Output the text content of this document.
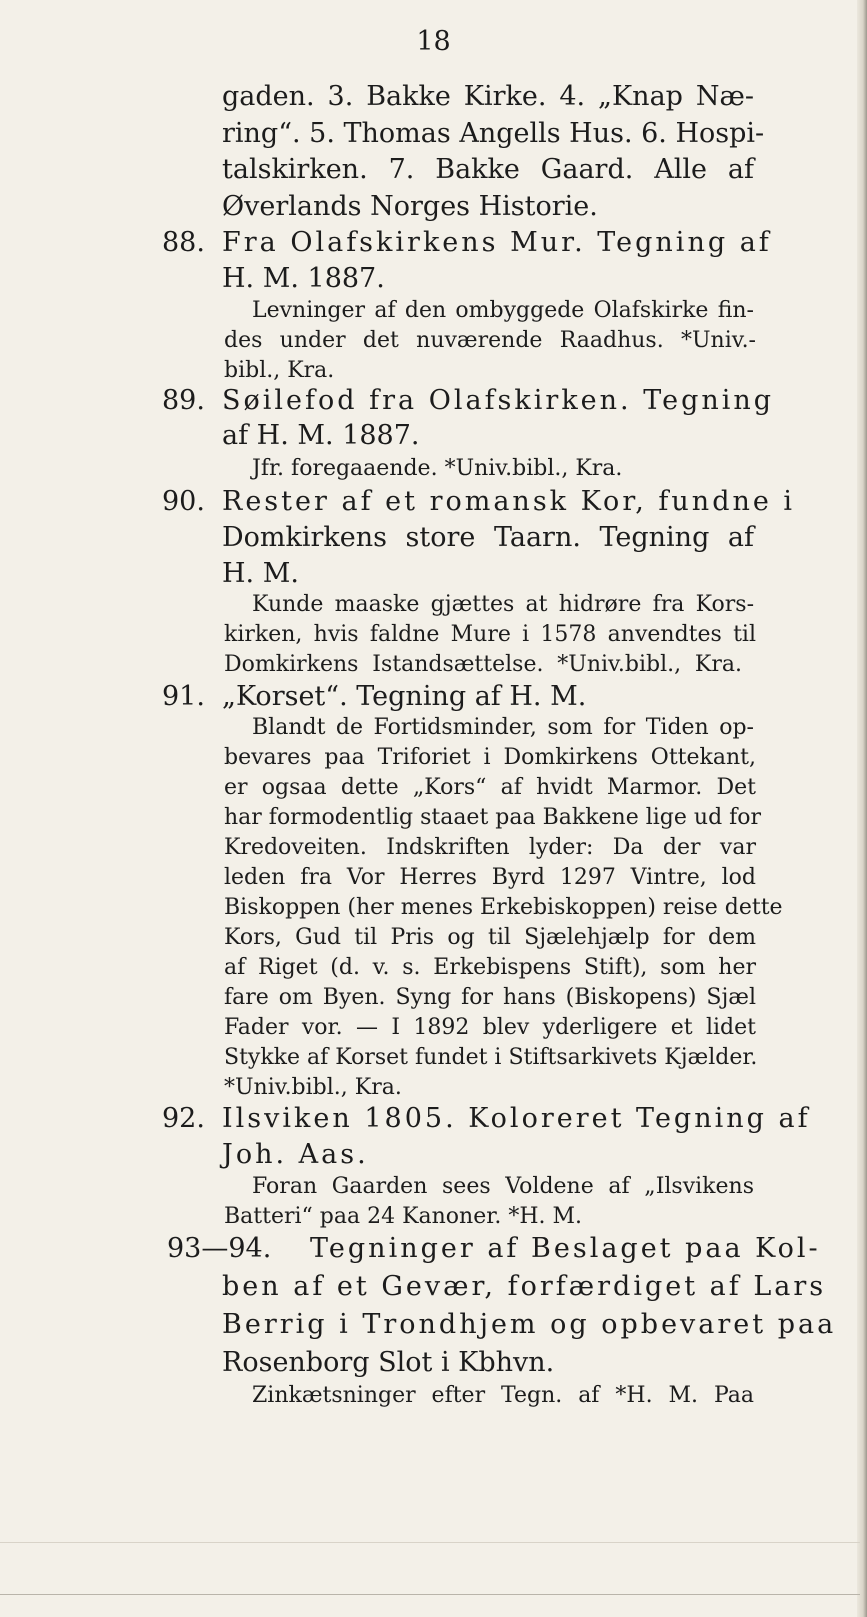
18
gaden. 3. Bakke Kirke. 4. „Knap Næ-
ring“. 5. Thomas Angells Hus. 6. Hospi-
talskirken. 7. Bakke Gaard. Alle af
Øverlands Norges Historie.
88. Fra Olafskirkens Mur. Tegning af
H. M. 1887.
Levninger af den ombyggede Olafskirke fin-
des under det nuværende Raadhus. *Univ.-
bibl., Kra.
89. Søilefod fra Olafskirken. Tegning
af H. M. 1887.
Jfr. foregaaende. *Univ.bibl., Kra.
90. Rester af et romansk Kor, fundne i
Domkirkens store Taarn. Tegning af
H. M.
Kunde maaske gjættes at hidrøre fra Kors-
kirken, hvis faldne Mure i 1578 anvendtes til
Domkirkens Istandsættelse. *Univ.bibl., Kra.
91. „Korset“. Tegning af H. M.
Blandt de Fortidsminder, som for Tiden op-
bevares paa Triforiet i Domkirkens Ottekant,
er ogsaa dette „Kors“ af hvidt Marmor. Det
har formodentlig staaet paa Bakkene lige ud for
Kredoveiten. Indskriften lyder: Da der var
leden fra Vor Herres Byrd 1297 Vintre, lod
Biskoppen (her menes Erkebiskoppen) reise dette
Kors, Gud til Pris og til Sjælehjælp for dem
af Riget (d. v. s. Erkebispens Stift), som her
fare om Byen. Syng for hans (Biskopens) Sjæl
Fader vor. — I 1892 blev yderligere et lidet
Stykke af Korset fundet i Stiftsarkivets Kjælder.
*Univ.bibl., Kra.
92. Ilsviken 1805. Koloreret Tegning af
Joh. Aas.
Foran Gaarden sees Voldene af „Ilsvikens
Batteri“ paa 24 Kanoner. *H. M.
93—94. Tegninger af Beslaget paa Kol-
ben af et Gevær, forfærdiget af Lars
Berrig i Trondhjem og opbevaret paa
Rosenborg Slot i Kbhvn.
Zinkætsninger efter Tegn. af *H. M. Paa
